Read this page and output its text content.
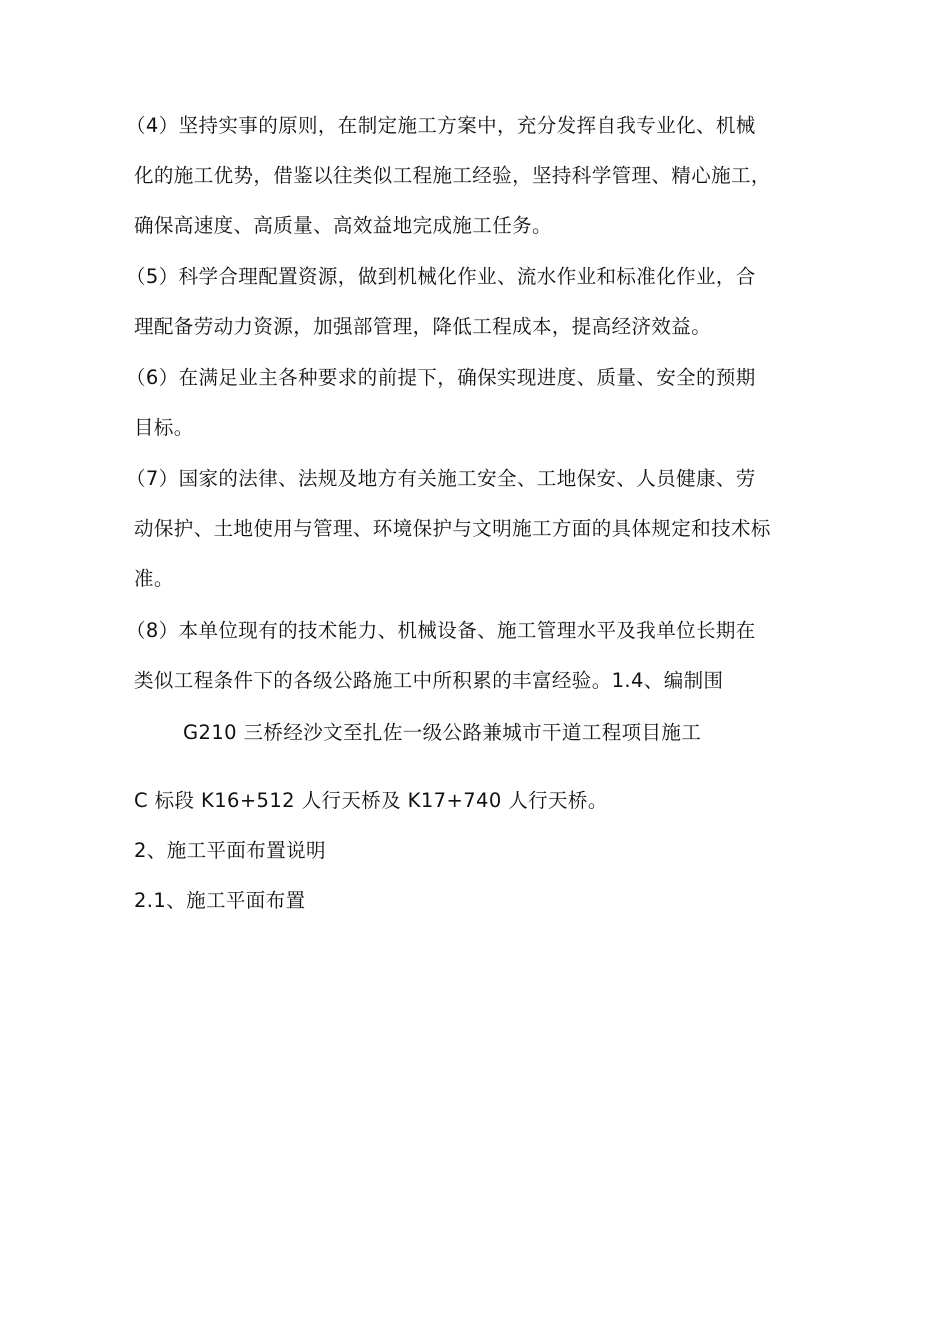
（4）坚持实事的原则，在制定施工方案中，充分发挥自我专业化、机械
化的施工优势，借鉴以往类似工程施工经验，坚持科学管理、精心施工，
确保高速度、高质量、高效益地完成施工任务。
（5）科学合理配置资源，做到机械化作业、流水作业和标准化作业，合
理配备劳动力资源，加强部管理，降低工程成本，提高经济效益。
（6）在满足业主各种要求的前提下，确保实现进度、质量、安全的预期
目标。
（7）国家的法律、法规及地方有关施工安全、工地保安、人员健康、劳
动保护、土地使用与管理、环境保护与文明施工方面的具体规定和技术标
准。
（8）本单位现有的技术能力、机械设备、施工管理水平及我单位长期在
类似工程条件下的各级公路施工中所积累的丰富经验。1.4、编制围
G210 三桥经沙文至扎佐一级公路兼城市干道工程项目施工
C 标段 K16+512 人行天桥及 K17+740 人行天桥。
2、施工平面布置说明
2.1、施工平面布置
